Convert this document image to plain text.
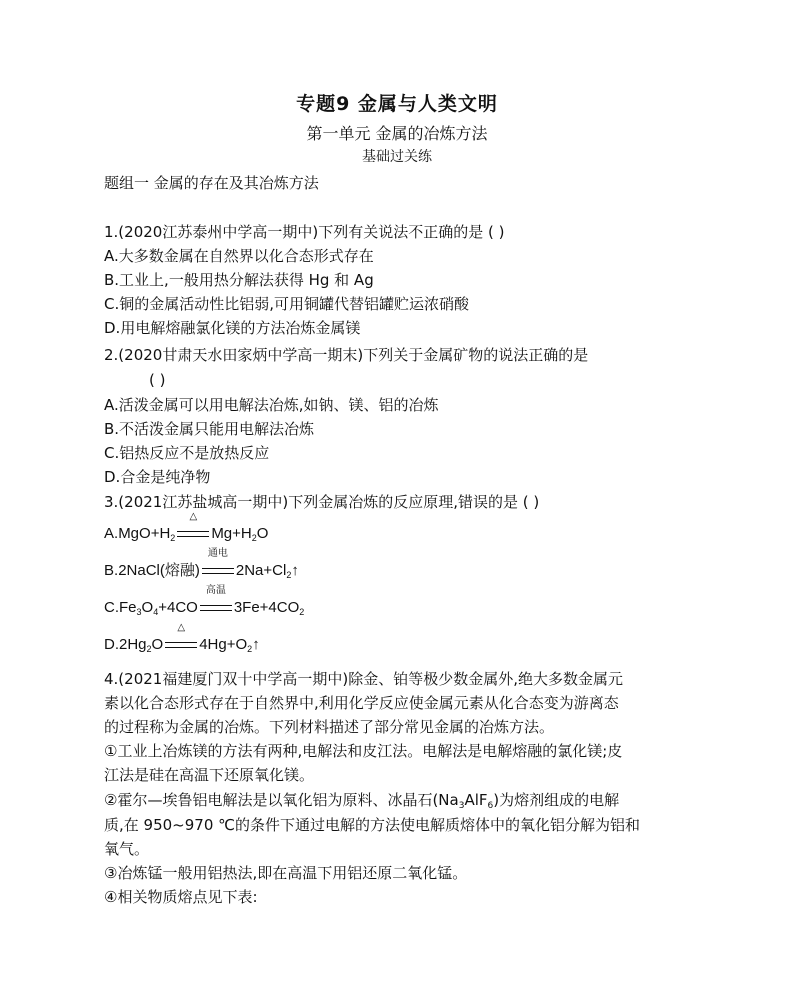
专题9 金属与人类文明
第一单元 金属的冶炼方法
基础过关练
题组一 金属的存在及其冶炼方法
1.(2020江苏泰州中学高一期中)下列有关说法不正确的是 ( )
A.大多数金属在自然界以化合态形式存在
B.工业上,一般用热分解法获得 Hg 和 Ag
C.铜的金属活动性比铝弱,可用铜罐代替铝罐贮运浓硝酸
D.用电解熔融氯化镁的方法冶炼金属镁
2.(2020甘肃天水田家炳中学高一期末)下列关于金属矿物的说法正确的是
( )
A.活泼金属可以用电解法冶炼,如钠、镁、铝的冶炼
B.不活泼金属只能用电解法冶炼
C.铝热反应不是放热反应
D.合金是纯净物
3.(2021江苏盐城高一期中)下列金属冶炼的反应原理,错误的是 ( )
$A.MgO+H_2$
△
$Mg+H_2O$
B.2NaCl(熔融)
通电
$2Na+Cl_2↑$
$C.Fe_3O_4+4CO$
高温
$3Fe+4CO_2$
$D.2Hg_2O$
△
$4Hg+O_2↑$
4.(2021福建厦门双十中学高一期中)除金、铂等极少数金属外,绝大多数金属元
素以化合态形式存在于自然界中,利用化学反应使金属元素从化合态变为游离态
的过程称为金属的冶炼。下列材料描述了部分常见金属的冶炼方法。
①工业上冶炼镁的方法有两种,电解法和皮江法。电解法是电解熔融的氯化镁;皮
江法是硅在高温下还原氧化镁。
②霍尔—埃鲁铝电解法是以氧化铝为原料、冰晶石$(Na_3AlF_6)$为熔剂组成的电解
质,在 950~970 ℃的条件下通过电解的方法使电解质熔体中的氧化铝分解为铝和
氧气。
③冶炼锰一般用铝热法,即在高温下用铝还原二氧化锰。
④相关物质熔点见下表:
